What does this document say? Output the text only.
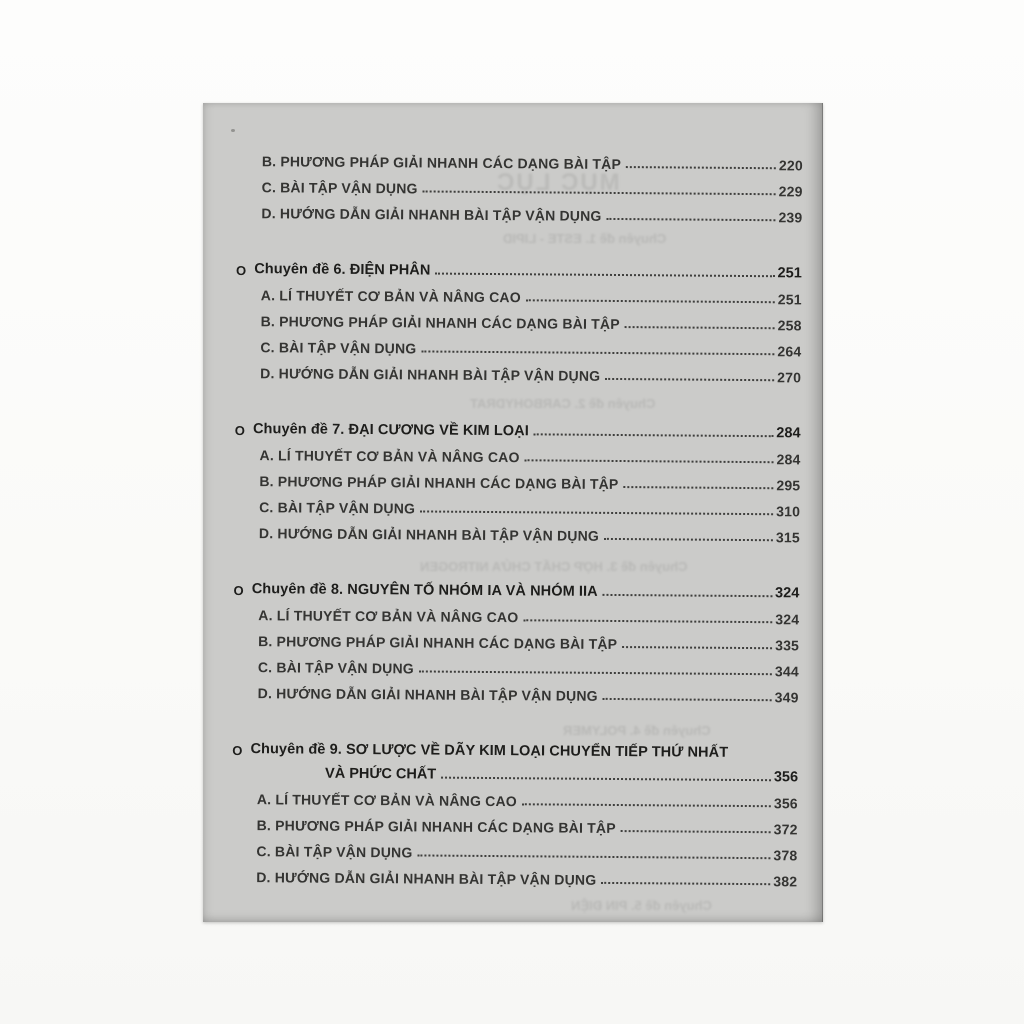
MỤC LỤC
Chuyên đề 1. ESTE - LIPID
Chuyên đề 2. CARBOHYDRAT
Chuyên đề 3. HỢP CHẤT CHỨA NITROGEN
Chuyên đề 4. POLYMER
Chuyên đề 5. PIN ĐIỆN
B. PHƯƠNG PHÁP GIẢI NHANH CÁC DẠNG BÀI TẬP	220
C. BÀI TẬP VẬN DỤNG	229
D. HƯỚNG DẪN GIẢI NHANH BÀI TẬP VẬN DỤNG	239
O Chuyên đề 6. ĐIỆN PHÂN	251
A. LÍ THUYẾT CƠ BẢN VÀ NÂNG CAO	251
B. PHƯƠNG PHÁP GIẢI NHANH CÁC DẠNG BÀI TẬP	258
C. BÀI TẬP VẬN DỤNG	264
D. HƯỚNG DẪN GIẢI NHANH BÀI TẬP VẬN DỤNG	270
O Chuyên đề 7. ĐẠI CƯƠNG VỀ KIM LOẠI	284
A. LÍ THUYẾT CƠ BẢN VÀ NÂNG CAO	284
B. PHƯƠNG PHÁP GIẢI NHANH CÁC DẠNG BÀI TẬP	295
C. BÀI TẬP VẬN DỤNG	310
D. HƯỚNG DẪN GIẢI NHANH BÀI TẬP VẬN DỤNG	315
O Chuyên đề 8. NGUYÊN TỐ NHÓM IA VÀ NHÓM IIA	324
A. LÍ THUYẾT CƠ BẢN VÀ NÂNG CAO	324
B. PHƯƠNG PHÁP GIẢI NHANH CÁC DẠNG BÀI TẬP	335
C. BÀI TẬP VẬN DỤNG	344
D. HƯỚNG DẪN GIẢI NHANH BÀI TẬP VẬN DỤNG	349
O Chuyên đề 9. SƠ LƯỢC VỀ DÃY KIM LOẠI CHUYỂN TIẾP THỨ NHẤT
VÀ PHỨC CHẤT	356
A. LÍ THUYẾT CƠ BẢN VÀ NÂNG CAO	356
B. PHƯƠNG PHÁP GIẢI NHANH CÁC DẠNG BÀI TẬP	372
C. BÀI TẬP VẬN DỤNG	378
D. HƯỚNG DẪN GIẢI NHANH BÀI TẬP VẬN DỤNG	382
